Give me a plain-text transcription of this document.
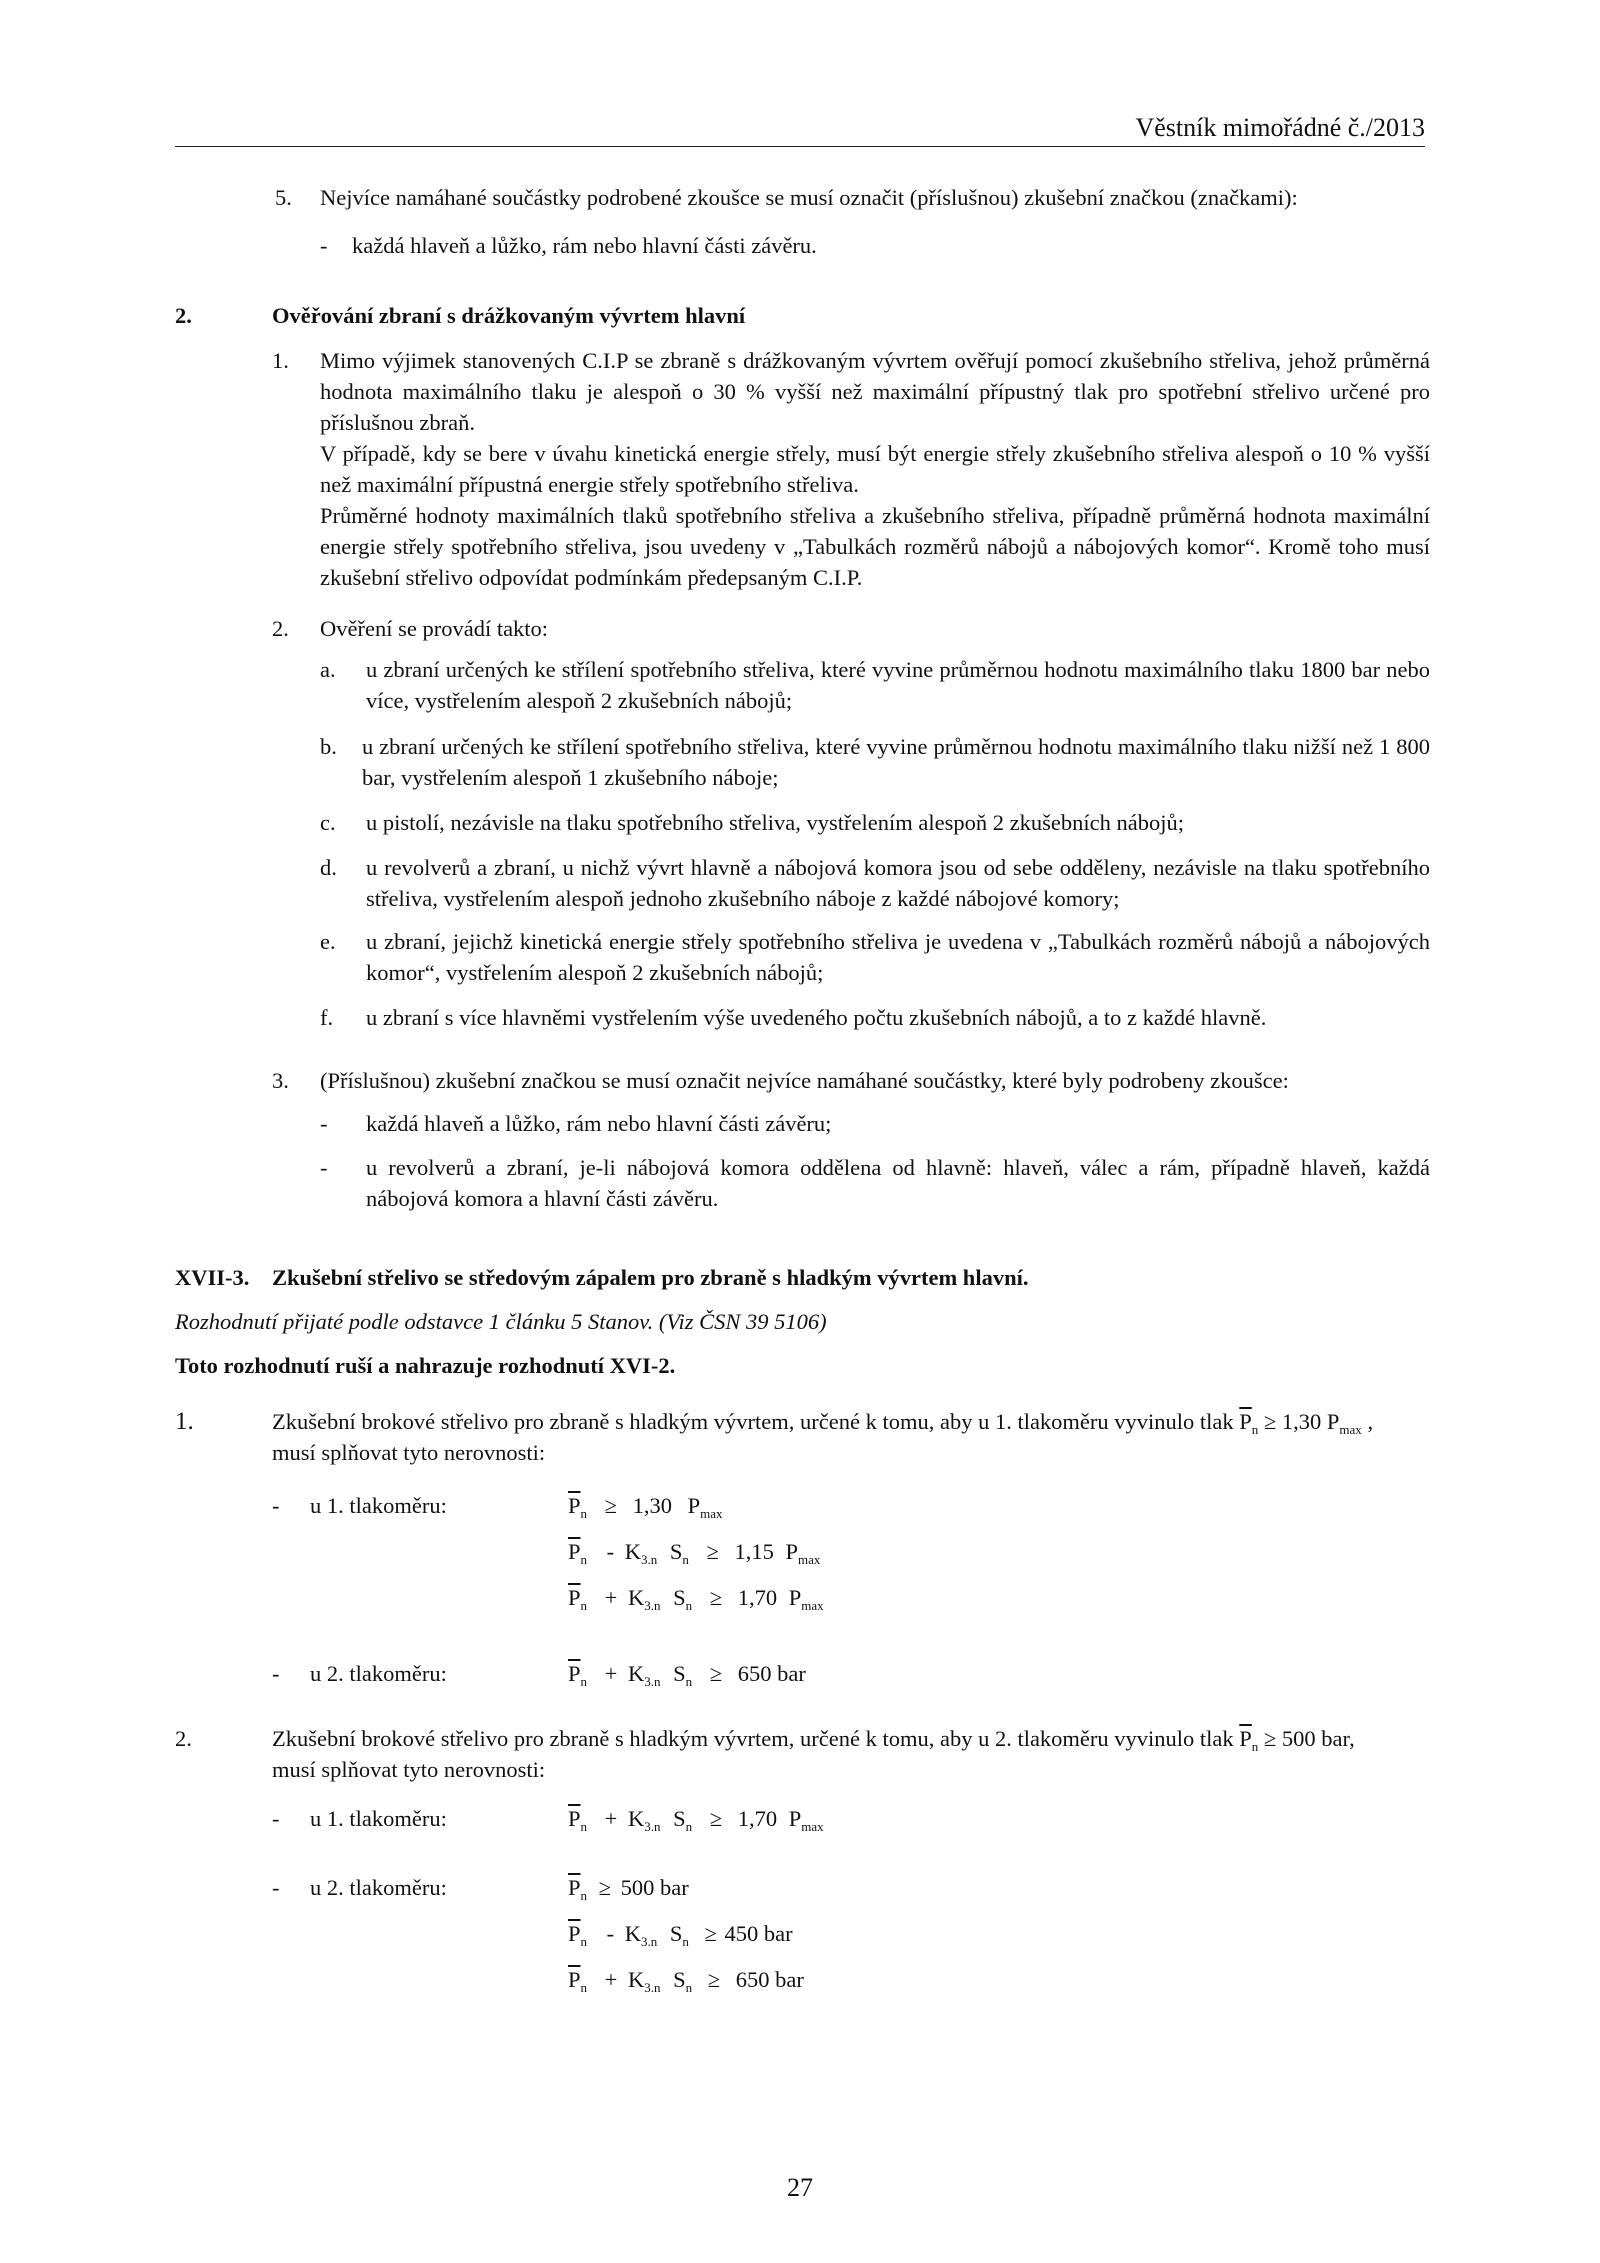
Věstník mimořádné č./2013
5. Nejvíce namáhané součástky podrobené zkoušce se musí označit (příslušnou) zkušební značkou (značkami):
- každá hlaveň a lůžko, rám nebo hlavní části závěru.
2.	Ověřování zbraní s drážkovaným vývrtem hlavní
1. Mimo výjimek stanovených C.I.P se zbraně s drážkovaným vývrtem ověřují pomocí zkušebního střeliva, jehož průměrná hodnota maximálního tlaku je alespoň o 30 % vyšší než maximální přípustný tlak pro spotřební střelivo určené pro příslušnou zbraň.
V případě, kdy se bere v úvahu kinetická energie střely, musí být energie střely zkušebního střeliva alespoň o 10 % vyšší než maximální přípustná energie střely spotřebního střeliva.
Průměrné hodnoty maximálních tlaků spotřebního střeliva a zkušebního střeliva, případně průměrná hodnota maximální energie střely spotřebního střeliva, jsou uvedeny v „Tabulkách rozměrů nábojů a nábojových komor“. Kromě toho musí zkušební střelivo odpovídat podmínkám předepsaným C.I.P.
2. Ověření se provádí takto:
a. u zbraní určených ke střílení spotřebního střeliva, které vyvine průměrnou hodnotu maximálního tlaku 1800 bar nebo více, vystřelením alespoň 2 zkušebních nábojů;
b. u zbraní určených ke střílení spotřebního střeliva, které vyvine průměrnou hodnotu maximálního tlaku nižší než 1 800 bar, vystřelením alespoň 1 zkušebního náboje;
c. u pistolí, nezávisle na tlaku spotřebního střeliva, vystřelením alespoň 2 zkušebních nábojů;
d. u revolverů a zbraní, u nichž vývrt hlavně a nábojová komora jsou od sebe odděleny, nezávisle na tlaku spotřebního střeliva, vystřelením alespoň jednoho zkušebního náboje z každé nábojové komory;
e. u zbraní, jejichž kinetická energie střely spotřebního střeliva je uvedena v „Tabulkách rozměrů nábojů a nábojových komor“, vystřelením alespoň 2 zkušebních nábojů;
f. u zbraní s více hlavněmi vystřelením výše uvedeného počtu zkušebních nábojů, a to z každé hlavně.
3. (Příslušnou) zkušební značkou se musí označit nejvíce namáhané součástky, které byly podrobeny zkoušce:
- každá hlaveň a lůžko, rám nebo hlavní části závěru;
- u revolverů a zbraní, je-li nábojová komora oddělena od hlavně: hlaveň, válec a rám, případně hlaveň, každá nábojová komora a hlavní části závěru.
XVII-3. Zkušební střelivo se středovým zápalem pro zbraně s hladkým vývrtem hlavní.
Rozhodnutí přijaté podle odstavce 1 článku 5 Stanov. (Viz ČSN 39 5106)
Toto rozhodnutí ruší a nahrazuje rozhodnutí XVI-2.
1.	Zkušební brokové střelivo pro zbraně s hladkým vývrtem, určené k tomu, aby u 1. tlakoměru vyvinulo tlak $\overline{P}_n \ge 1,30$ $P_{max}$ ,
musí splňovat tyto nerovnosti:
- u 1. tlakoměru:	$\overline{P}_n \ge 1,30$ $P_{max}$
$\overline{P}_n - K_{3.n}$ $S_n \ge 1,15$ $P_{max}$
$\overline{P}_n + K_{3.n}$ $S_n \ge 1,70$ $P_{max}$
- u 2. tlakoměru:	$\overline{P}_n + K_{3.n}$ $S_n \ge 650$ bar
2.	Zkušební brokové střelivo pro zbraně s hladkým vývrtem, určené k tomu, aby u 2. tlakoměru vyvinulo tlak $\overline{P}_n \ge 500$ bar,
musí splňovat tyto nerovnosti:
- u 1. tlakoměru:	$\overline{P}_n + K_{3.n}$ $S_n \ge 1,70$ $P_{max}$
- u 2. tlakoměru:	$\overline{P}_n \ge 500$ bar
$\overline{P}_n - K_{3.n}$ $S_n \ge 450$ bar
$\overline{P}_n + K_{3.n}$ $S_n \ge 650$ bar
27
